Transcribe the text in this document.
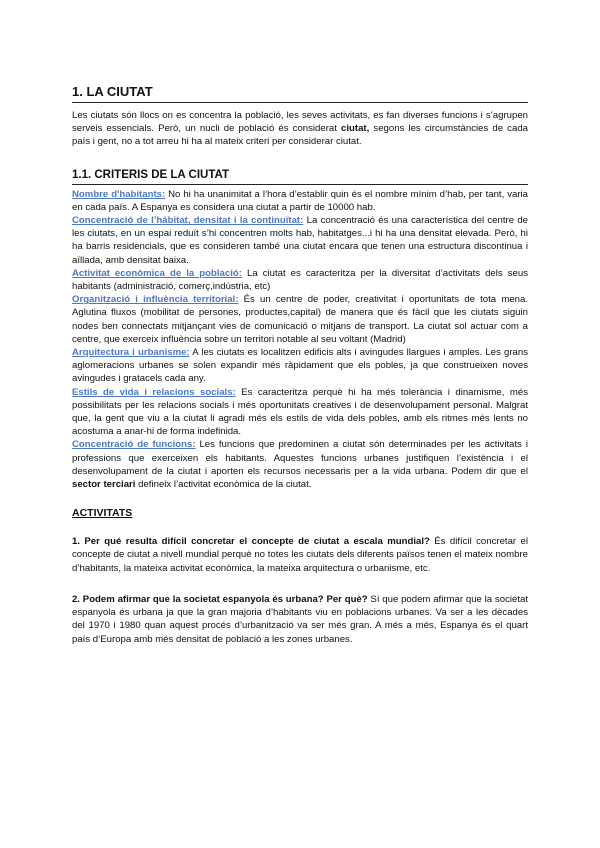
1. LA CIUTAT

Les ciutats són llocs on es concentra la població, les seves activitats, es fan diverses funcions i s’agrupen serveis essencials. Però, un nucli de població és considerat ciutat, segons les circumstàncies de cada país i gent, no a tot arreu hi ha al mateix criteri per considerar ciutat.

1.1. CRITERIS DE LA CIUTAT

Nombre d'habitants: No hi ha unanimitat a l’hora d’establir quin és el nombre mínim d’hab, per tant, varia en cada país. A Espanya es considera una ciutat a partir de 10000 hab.

Concentració de l’hàbitat, densitat i la continuïtat: La concentració és una característica del centre de les ciutats, en un espai reduït s’hi concentren molts hab, habitatges...i hi ha una densitat elevada. Però, hi ha barris residencials, que es consideren també una ciutat encara que tenen una estructura discontinua i aïllada, amb densitat baixa.

Activitat econòmica de la població: La ciutat es caracteritza per la diversitat d’activitats dels seus habitants (administració, comerç,indústria, etc)

Organització i influència territorial: És un centre de poder, creativitat i oportunitats de tota mena. Aglutina fluxos (mobilitat de persones, productes,capital) de manera que és fàcil que les ciutats siguin nodes ben connectats mitjançant vies de comunicació o mitjans de transport. La ciutat sol actuar com a centre, que exerceix influència sobre un territori notable al seu voltant (Madrid)

Arquitectura i urbanisme: A les ciutats es localitzen edificis alts i avingudes llargues i amples. Les grans aglomeracions urbanes se solen expandir més ràpidament que els pobles, ja que construeixen noves avingudes i gratacels cada any.

Estils de vida i relacions socials: Es caracteritza perquè hi ha més tolerància i dinamisme, més possibilitats per les relacions socials i més oportunitats creatives i de desenvolupament personal. Malgrat que, la gent que viu a la ciutat li agradi més els estils de vida dels pobles, amb els ritmes més lents no acostuma a anar-hi de forma indefinida.

Concentració de funcions: Les funcions que predominen a ciutat són determinades per les activitats i professions que exerceixen els habitants. Aquestes funcions urbanes justifiquen l’existència i el desenvolupament de la ciutat i aporten els recursos necessaris per a la vida urbana. Podem dir que el sector terciari defineix l’activitat econòmica de la ciutat.

ACTIVITATS

1. Per qué resulta difícil concretar el concepte de ciutat a escala mundial? És difícil concretar el concepte de ciutat a nivell mundial perquè no totes les ciutats dels diferents països tenen el mateix nombre d’habitants, la mateixa activitat econòmica, la mateixa arquitectura o urbanisme, etc.

2. Podem afirmar que la societat espanyola és urbana? Per què? Sí que podem afirmar que la societat espanyola és urbana ja que la gran majoria d’habitants viu en poblacions urbanes. Va ser a les dècades del 1970 i 1980 quan aquest procés d’urbanització va ser més gran. A més a més, Espanya és el quart país d’Europa amb més densitat de població a les zones urbanes.
